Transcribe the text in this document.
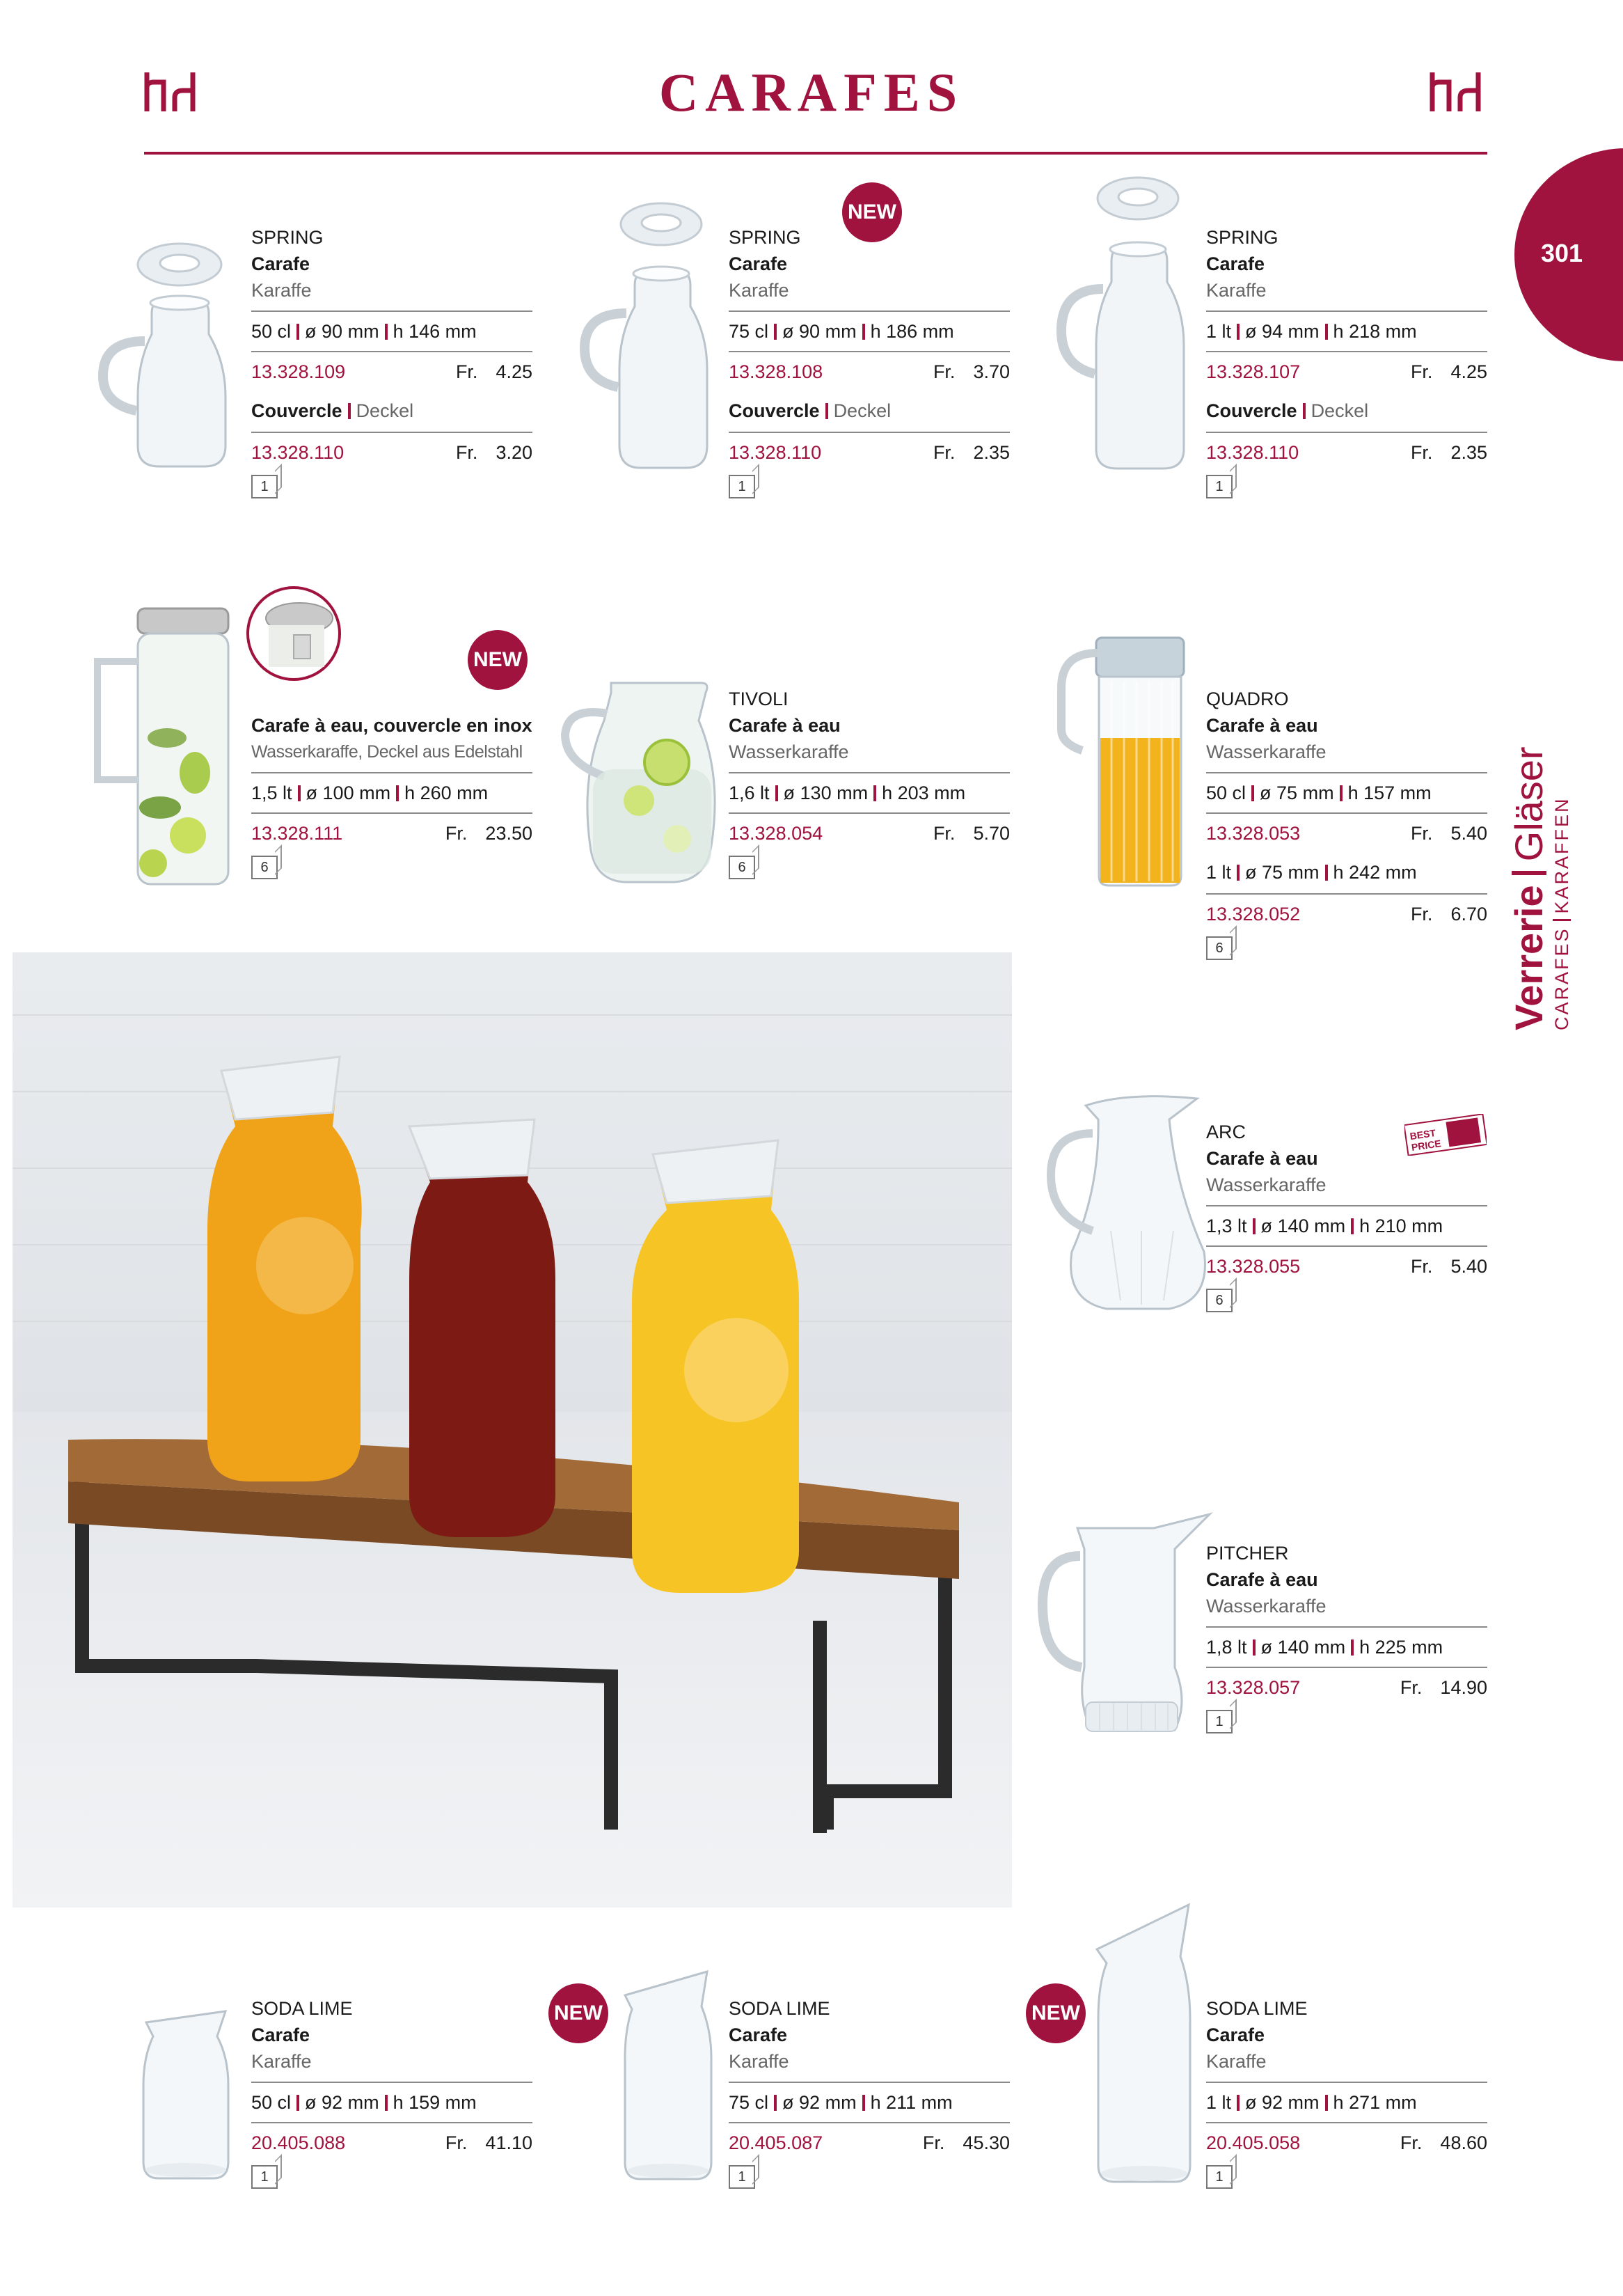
CARAFES
301
VerrerieGläser
CARAFESKARAFFEN
SPRING
Carafe
Karaffe
50 cl ø 90 mm h 146 mm
13.328.109	Fr. 4.25
Couvercle Deckel
13.328.110	Fr. 3.20
1
NEW
SPRING
Carafe
Karaffe
75 cl ø 90 mm h 186 mm
13.328.108	Fr. 3.70
Couvercle Deckel
13.328.110	Fr. 2.35
1
SPRING
Carafe
Karaffe
1 lt ø 94 mm h 218 mm
13.328.107	Fr. 4.25
Couvercle Deckel
13.328.110	Fr. 2.35
1
NEW
Carafe à eau, couvercle en inox
Wasserkaraffe, Deckel aus Edelstahl
1,5 lt ø 100 mm h 260 mm
13.328.111	Fr. 23.50
6
TIVOLI
Carafe à eau
Wasserkaraffe
1,6 lt ø 130 mm h 203 mm
13.328.054	Fr. 5.70
6
QUADRO
Carafe à eau
Wasserkaraffe
50 cl ø 75 mm h 157 mm
13.328.053	Fr. 5.40
1 lt ø 75 mm h 242 mm
13.328.052	Fr. 6.70
6
BEST
PRICE
ARC
Carafe à eau
Wasserkaraffe
1,3 lt ø 140 mm h 210 mm
13.328.055	Fr. 5.40
6
PITCHER
Carafe à eau
Wasserkaraffe
1,8 lt ø 140 mm h 225 mm
13.328.057	Fr. 14.90
1
SODA LIME
Carafe
Karaffe
50 cl ø 92 mm h 159 mm
20.405.088	Fr. 41.10
1
NEW	SODA LIME
Carafe
Karaffe
75 cl ø 92 mm h 211 mm
20.405.087	Fr. 45.30
1
NEW	SODA LIME
Carafe
Karaffe
1 lt ø 92 mm h 271 mm
20.405.058	Fr. 48.60
1
